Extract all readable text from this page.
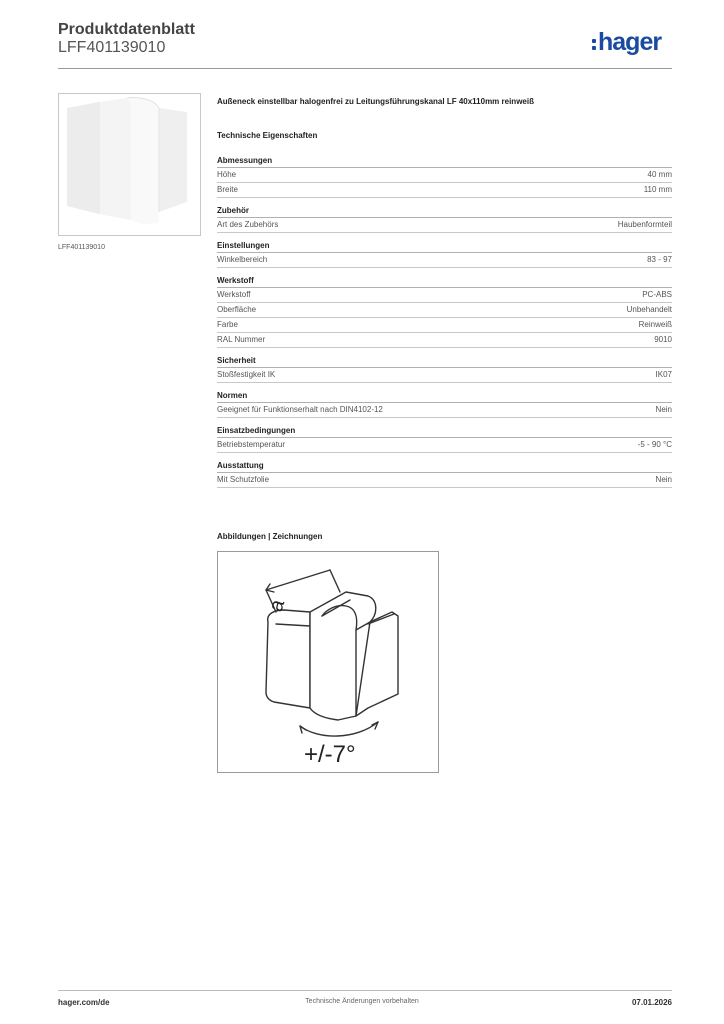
Produktdatenblatt
LFF401139010	hager
LFF401139010
Außeneck einstellbar halogenfrei zu Leitungsführungskanal LF 40x110mm reinweiß
Technische Eigenschaften
Abmessungen
Höhe	40 mm
Breite	110 mm
Zubehör
Art des Zubehörs	Haubenformteil
Einstellungen
Winkelbereich	83 - 97
Werkstoff
Werkstoff	PC-ABS
Oberfläche	Unbehandelt
Farbe	Reinweiß
RAL Nummer	9010
Sicherheit
Stoßfestigkeit IK	IK07
Normen
Geeignet für Funktionserhalt nach DIN4102-12	Nein
Einsatzbedingungen
Betriebstemperatur	-5 - 90 °C
Ausstattung
Mit Schutzfolie	Nein
Abbildungen | Zeichnungen
a
+/-7°
hager.com/de	Technische Änderungen vorbehalten	07.01.2026
